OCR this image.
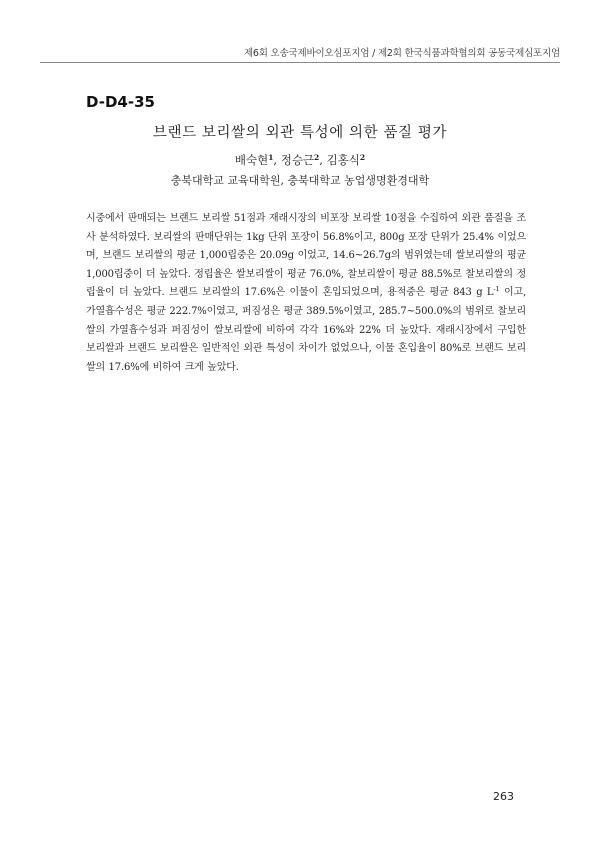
제6회 오송국제바이오심포지엄 / 제2회 한국식품과학협의회 공동국제심포지엄
D-D4-35
브랜드 보리쌀의 외관 특성에 의한 품질 평가
배숙현$^1$, 정승근$^2$, 김홍식$^2$
충북대학교 교육대학원, 충북대학교 농업생명환경대학

시중에서 판매되는 브랜드 보리쌀 51점과 재래시장의 비포장 보리쌀 10점을 수집하여 외관 품질을 조사 분석하였다. 보리쌀의 판매단위는 1kg 단위 포장이 56.8%이고, 800g 포장 단위가 25.4% 이었으며, 브랜드 보리쌀의 평균 1,000립중은 20.09g 이었고, 14.6~26.7g의 범위였는데 쌀보리쌀의 평균 1,000립중이 더 높았다. 정립율은 쌀보리쌀이 평균 76.0%, 찰보리쌀이 평균 88.5%로 찰보리쌀의 정립율이 더 높았다. 브랜드 보리쌀의 17.6%은 이물이 혼입되었으며, 용적중은 평균 843 g $L^{-1}$ 이고, 가열흡수성은 평균 222.7%이였고, 퍼짐성은 평균 389.5%이였고, 285.7~500.0%의 범위로 찰보리쌀의 가열흡수성과 퍼짐성이 쌀보리쌀에 비하여 각각 16%와 22% 더 높았다. 재래시장에서 구입한 보리쌀과 브랜드 보리쌀은 일반적인 외관 특성이 차이가 없었으나, 이물 혼입율이 80%로 브랜드 보리쌀의 17.6%에 비하여 크게 높았다.

263
